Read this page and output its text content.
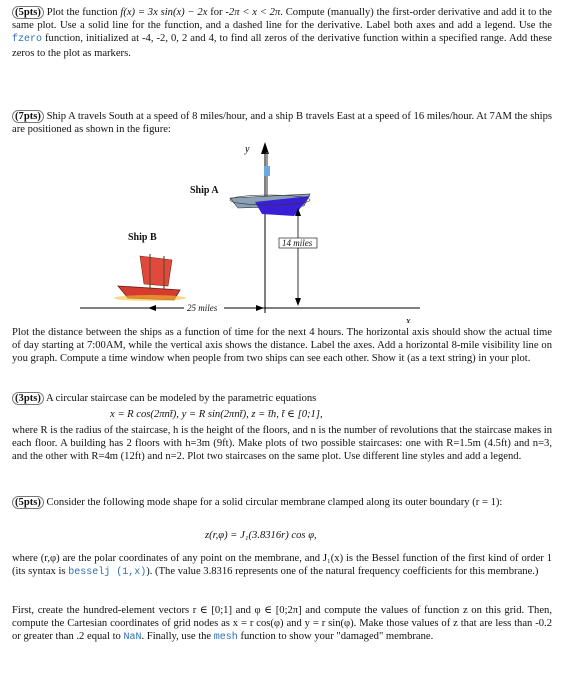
(5pts) Plot the function f(x) = 3x sin(x) − 2x for -2π < x < 2π. Compute (manually) the first-order derivative and add it to the same plot. Use a solid line for the function, and a dashed line for the derivative. Label both axes and add a legend. Use the fzero function, initialized at -4, -2, 0, 2 and 4, to find all zeros of the derivative function within a specified range. Add these zeros to the plot as markers.
(7pts) Ship A travels South at a speed of 8 miles/hour, and a ship B travels East at a speed of 16 miles/hour. At 7AM the ships are positioned as shown in the figure:
y
x
Ship A
Ship B	14 miles
25 miles
Plot the distance between the ships as a function of time for the next 4 hours. The horizontal axis should show the actual time of day starting at 7:00AM, while the vertical axis shows the distance. Label the axes. Add a horizontal 8-mile visibility line on you graph. Compute a time window when people from two ships can see each other. Show it (as a text string) in your plot.
(3pts) A circular staircase can be modeled by the parametric equations
x = R cos(2πnt̄), y = R sin(2πnt̄), z = t̄h, t̄ ∈ [0;1],
where R is the radius of the staircase, h is the height of the floors, and n is the number of revolutions that the staircase makes in each floor. A building has 2 floors with h=3m (9ft). Make plots of two possible staircases: one with R=1.5m (4.5ft) and n=3, and the other with R=4m (12ft) and n=2. Plot two staircases on the same plot. Use different line styles and add a legend.
(5pts) Consider the following mode shape for a solid circular membrane clamped along its outer boundary (r = 1):
z(r,φ) = J₁(3.8316r) cos φ,
where (r,φ) are the polar coordinates of any point on the membrane, and J₁(x) is the Bessel function of the first kind of order 1 (its syntax is besselj (1,x)). (The value 3.8316 represents one of the natural frequency coefficients for this membrane.)
First, create the hundred-element vectors r ∈ [0;1] and φ ∈ [0;2π] and compute the values of function z on this grid. Then, compute the Cartesian coordinates of grid nodes as x = r cos(φ) and y = r sin(φ). Make those values of z that are less than -0.2 or greater than .2 equal to NaN. Finally, use the mesh function to show your "damaged" membrane.
